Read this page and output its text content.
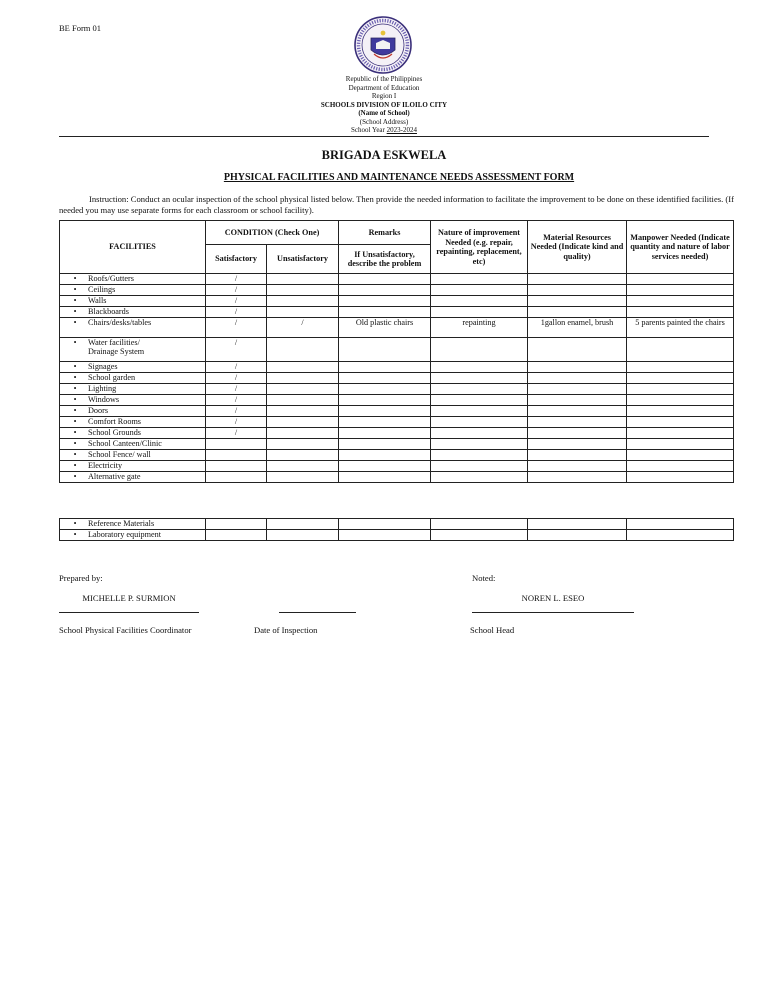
BE Form 01
Republic of the Philippines
Department of Education
Region I
SCHOOLS DIVISION OF ILOILO CITY
(Name of School)
(School Address)
School Year 2023-2024
BRIGADA ESKWELA
PHYSICAL FACILITIES AND MAINTENANCE NEEDS ASSESSMENT FORM
Instruction: Conduct an ocular inspection of the school physical listed below. Then provide the needed information to facilitate the improvement to be done on these identified facilities. (If needed you may use separate forms for each classroom or school facility).
FACILITIES	CONDITION (Check One)		Remarks	Nature of improvement Needed (e.g. repair, repainting, replacement, etc)	Material Resources Needed (Indicate kind and quality)	Manpower Needed (Indicate quantity and nature of labor services needed)
	Satisfactory	Unsatisfactory	If Unsatisfactory, describe the problem			
• Roofs/Gutters	/					
• Ceilings	/					
• Walls	/					
• Blackboards	/					
• Chairs/desks/tables	/	/	Old plastic chairs	repainting	1gallon enamel, brush	5 parents painted the chairs
• Water facilities/
Drainage System	/					
• Signages	/					
• School garden	/					
• Lighting	/					
• Windows	/					
• Doors	/					
• Comfort Rooms	/					
• School Grounds	/					
• School Canteen/Clinic						
• School Fence/ wall						
• Electricity						
• Alternative gate						
• Reference Materials						
• Laboratory equipment						
Prepared by:	Noted:
MICHELLE P. SURMION	NOREN L. ESEO
School Physical Facilities Coordinator	Date of Inspection	School Head
